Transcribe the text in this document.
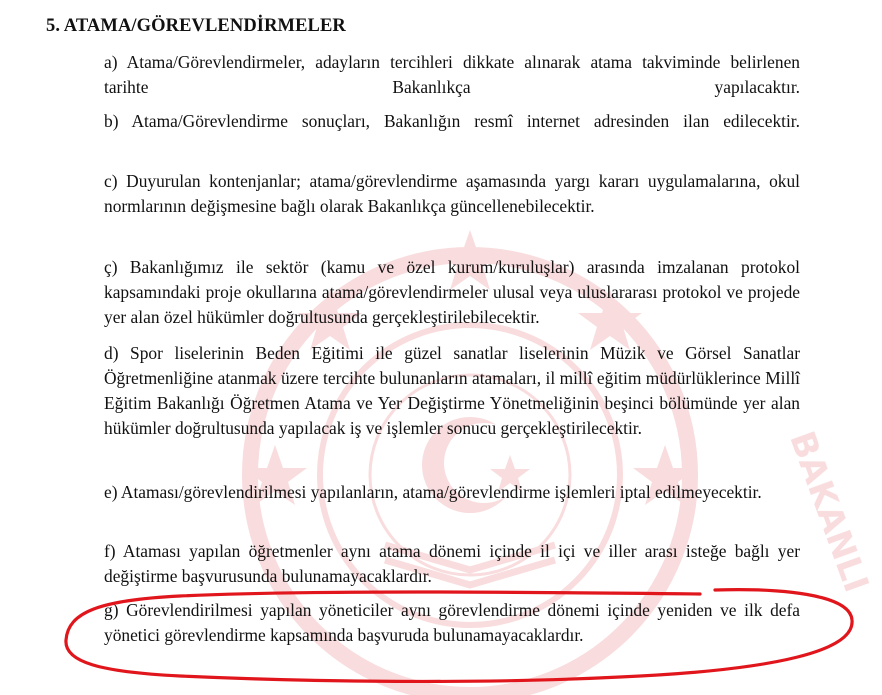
BAKANLI
5. ATAMA/GÖREVLENDİRMELER
a) Atama/Görevlendirmeler, adayların tercihleri dikkate alınarak atama takviminde belirlenen tarihte Bakanlıkça yapılacaktır.
b) Atama/Görevlendirme sonuçları, Bakanlığın resmî internet adresinden ilan edilecektir.
c) Duyurulan kontenjanlar; atama/görevlendirme aşamasında yargı kararı uygulamalarına, okul normlarının değişmesine bağlı olarak Bakanlıkça güncellenebilecektir.
ç) Bakanlığımız ile sektör (kamu ve özel kurum/kuruluşlar) arasında imzalanan protokol kapsamındaki proje okullarına atama/görevlendirmeler ulusal veya uluslararası protokol ve projede yer alan özel hükümler doğrultusunda gerçekleştirilebilecektir.
d) Spor liselerinin Beden Eğitimi ile güzel sanatlar liselerinin Müzik ve Görsel Sanatlar Öğretmenliğine atanmak üzere tercihte bulunanların atamaları, il millî eğitim müdürlüklerince Millî Eğitim Bakanlığı Öğretmen Atama ve Yer Değiştirme Yönetmeliğinin beşinci bölümünde yer alan hükümler doğrultusunda yapılacak iş ve işlemler sonucu gerçekleştirilecektir.
e) Ataması/görevlendirilmesi yapılanların, atama/görevlendirme işlemleri iptal edilmeyecektir.
f) Ataması yapılan öğretmenler aynı atama dönemi içinde il içi ve iller arası isteğe bağlı yer değiştirme başvurusunda bulunamayacaklardır.
g) Görevlendirilmesi yapılan yöneticiler aynı görevlendirme dönemi içinde yeniden ve ilk defa yönetici görevlendirme kapsamında başvuruda bulunamayacaklardır.
